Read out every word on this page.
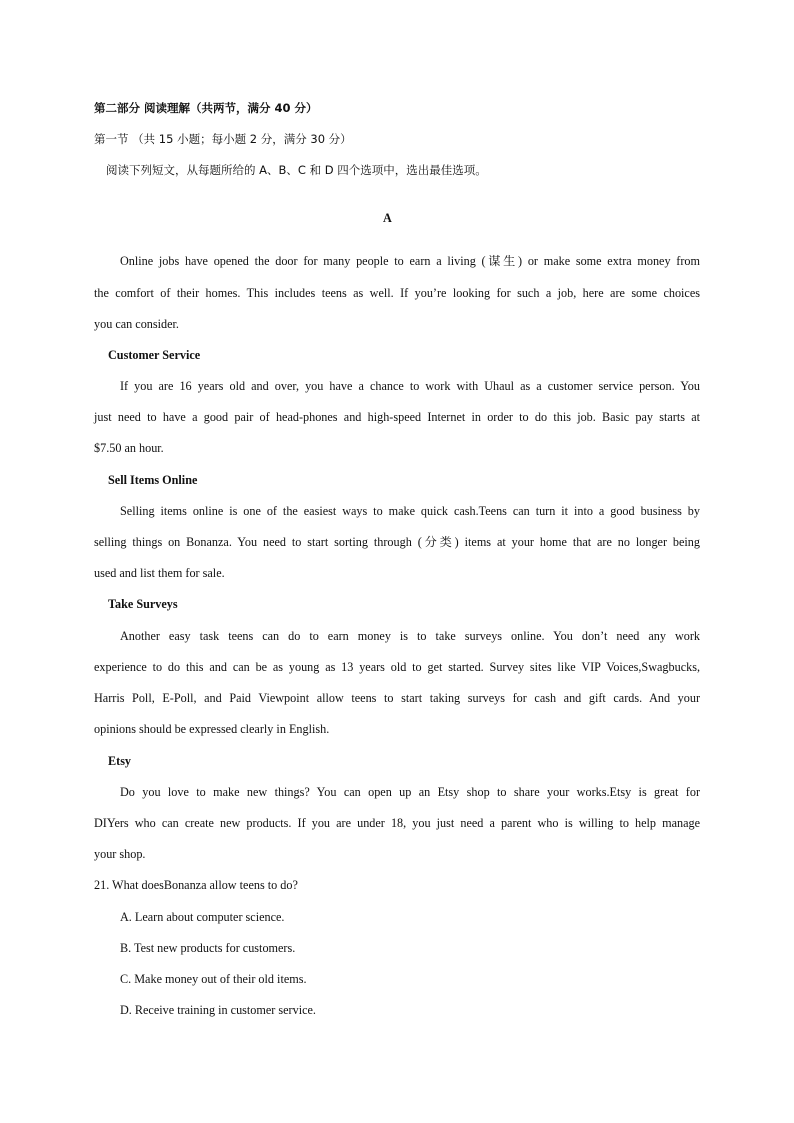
第二部分 阅读理解（共两节，满分 40 分）
第一节 （共 15 小题；每小题 2 分，满分 30 分）
阅读下列短文，从每题所给的 A、B、C 和 D 四个选项中，选出最佳选项。
A
Online jobs have opened the door for many people to earn a living (谋生) or make some extra money from
the comfort of their homes. This includes teens as well. If you’re looking for such a job, here are some choices
you can consider.
Customer Service
If you are 16 years old and over, you have a chance to work with Uhaul as a customer service person. You
just need to have a good pair of head-phones and high-speed Internet in order to do this job. Basic pay starts at
$7.50 an hour.
Sell Items Online
Selling items online is one of the easiest ways to make quick cash.Teens can turn it into a good business by
selling things on Bonanza. You need to start sorting through (分类) items at your home that are no longer being
used and list them for sale.
Take Surveys
Another easy task teens can do to earn money is to take surveys online. You don’t need any work
experience to do this and can be as young as 13 years old to get started. Survey sites like VIP Voices,Swagbucks,
Harris Poll, E-Poll, and Paid Viewpoint allow teens to start taking surveys for cash and gift cards. And your
opinions should be expressed clearly in English.
Etsy
Do you love to make new things? You can open up an Etsy shop to share your works.Etsy is great for
DIYers who can create new products. If you are under 18, you just need a parent who is willing to help manage
your shop.
21. What doesBonanza allow teens to do?
A. Learn about computer science.
B. Test new products for customers.
C. Make money out of their old items.
D. Receive training in customer service.
